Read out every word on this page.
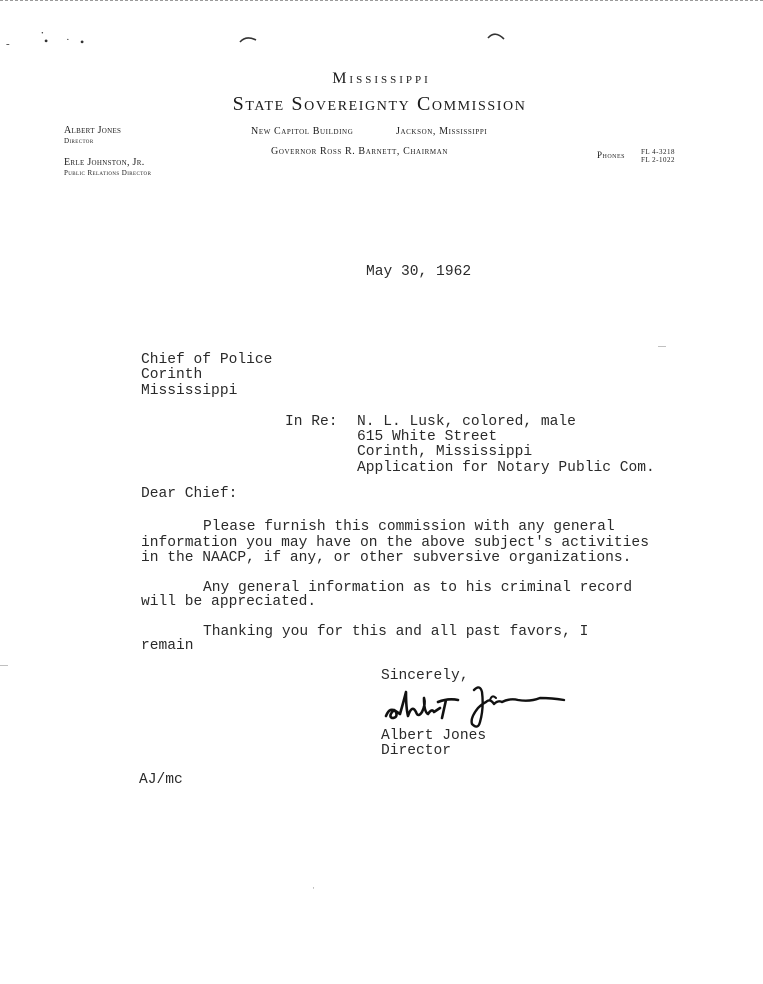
- ˙ • · •
Mississippi
State Sovereignty Commission
New Capitol Building	Jackson, Mississippi
Governor Ross R. Barnett, Chairman
Albert Jones
Director
Erle Johnston, Jr.
Public Relations Director
Phones FL 4-3218
FL 2-1022
May 30, 1962
Chief of Police
Corinth
Mississippi
In Re: N. L. Lusk, colored, male
615 White Street
Corinth, Mississippi
Application for Notary Public Com.
Dear Chief:
Please furnish this commission with any general
information you may have on the above subject's activities
in the NAACP, if any, or other subversive organizations.
Any general information as to his criminal record
will be appreciated.
Thanking you for this and all past favors, I
remain
Sincerely,
Albert Jones
Director
AJ/mc
·
